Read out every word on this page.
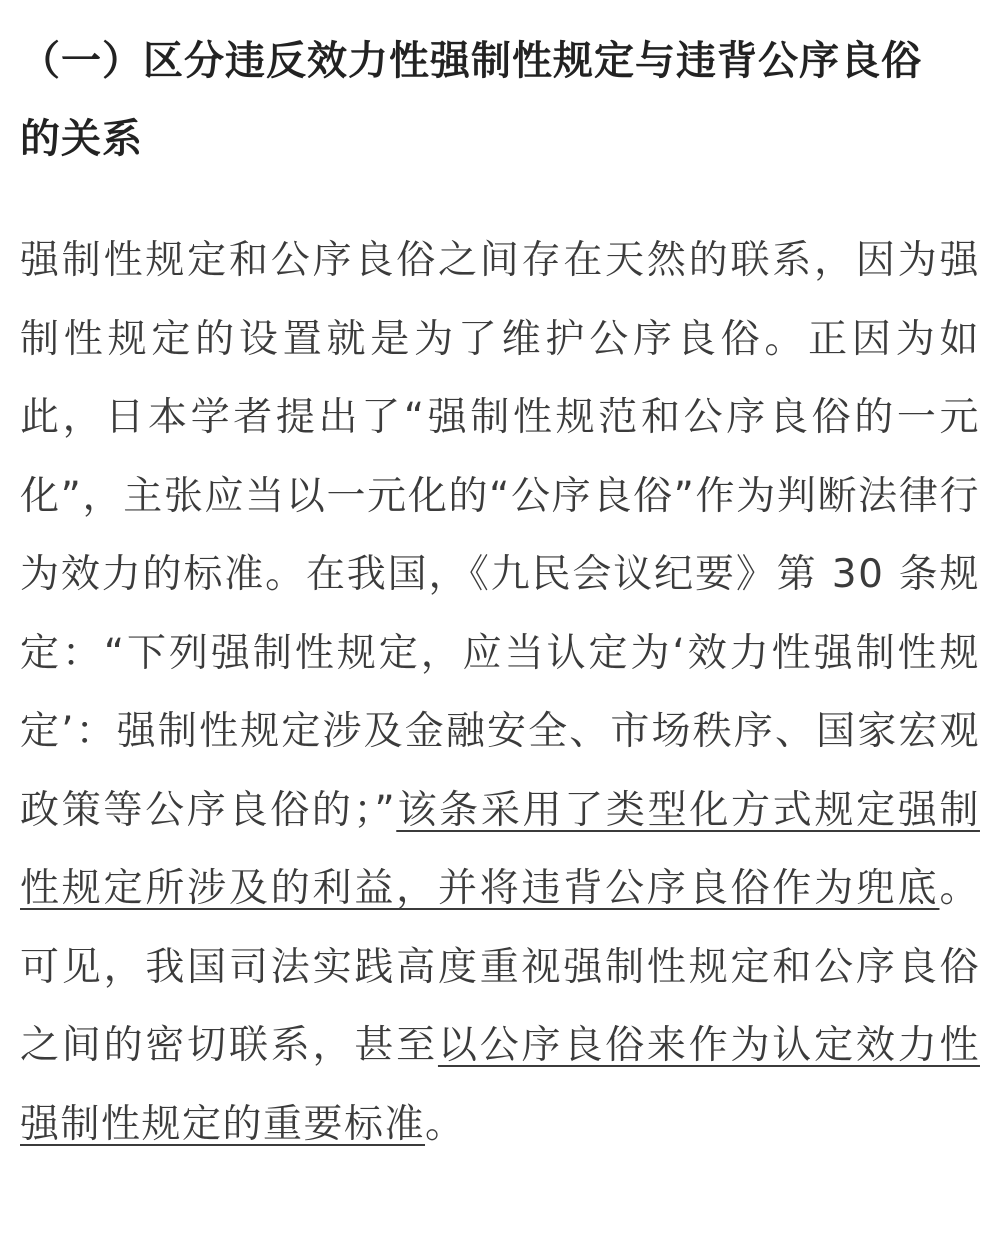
（一）区分违反效力性强制性规定与违背公序良俗
的关系

强制性规定和公序良俗之间存在天然的联系，因为强制性规定的设置就是为了维护公序良俗。正因为如此，日本学者提出了“强制性规范和公序良俗的一元化”，主张应当以一元化的“公序良俗”作为判断法律行为效力的标准。在我国，《九民会议纪要》第 30 条规定：“下列强制性规定，应当认定为‘效力性强制性规定’：强制性规定涉及金融安全、市场秩序、国家宏观政策等公序良俗的；”该条采用了类型化方式规定强制性规定所涉及的利益，并将违背公序良俗作为兜底。可见，我国司法实践高度重视强制性规定和公序良俗之间的密切联系，甚至以公序良俗来作为认定效力性强制性规定的重要标准。
